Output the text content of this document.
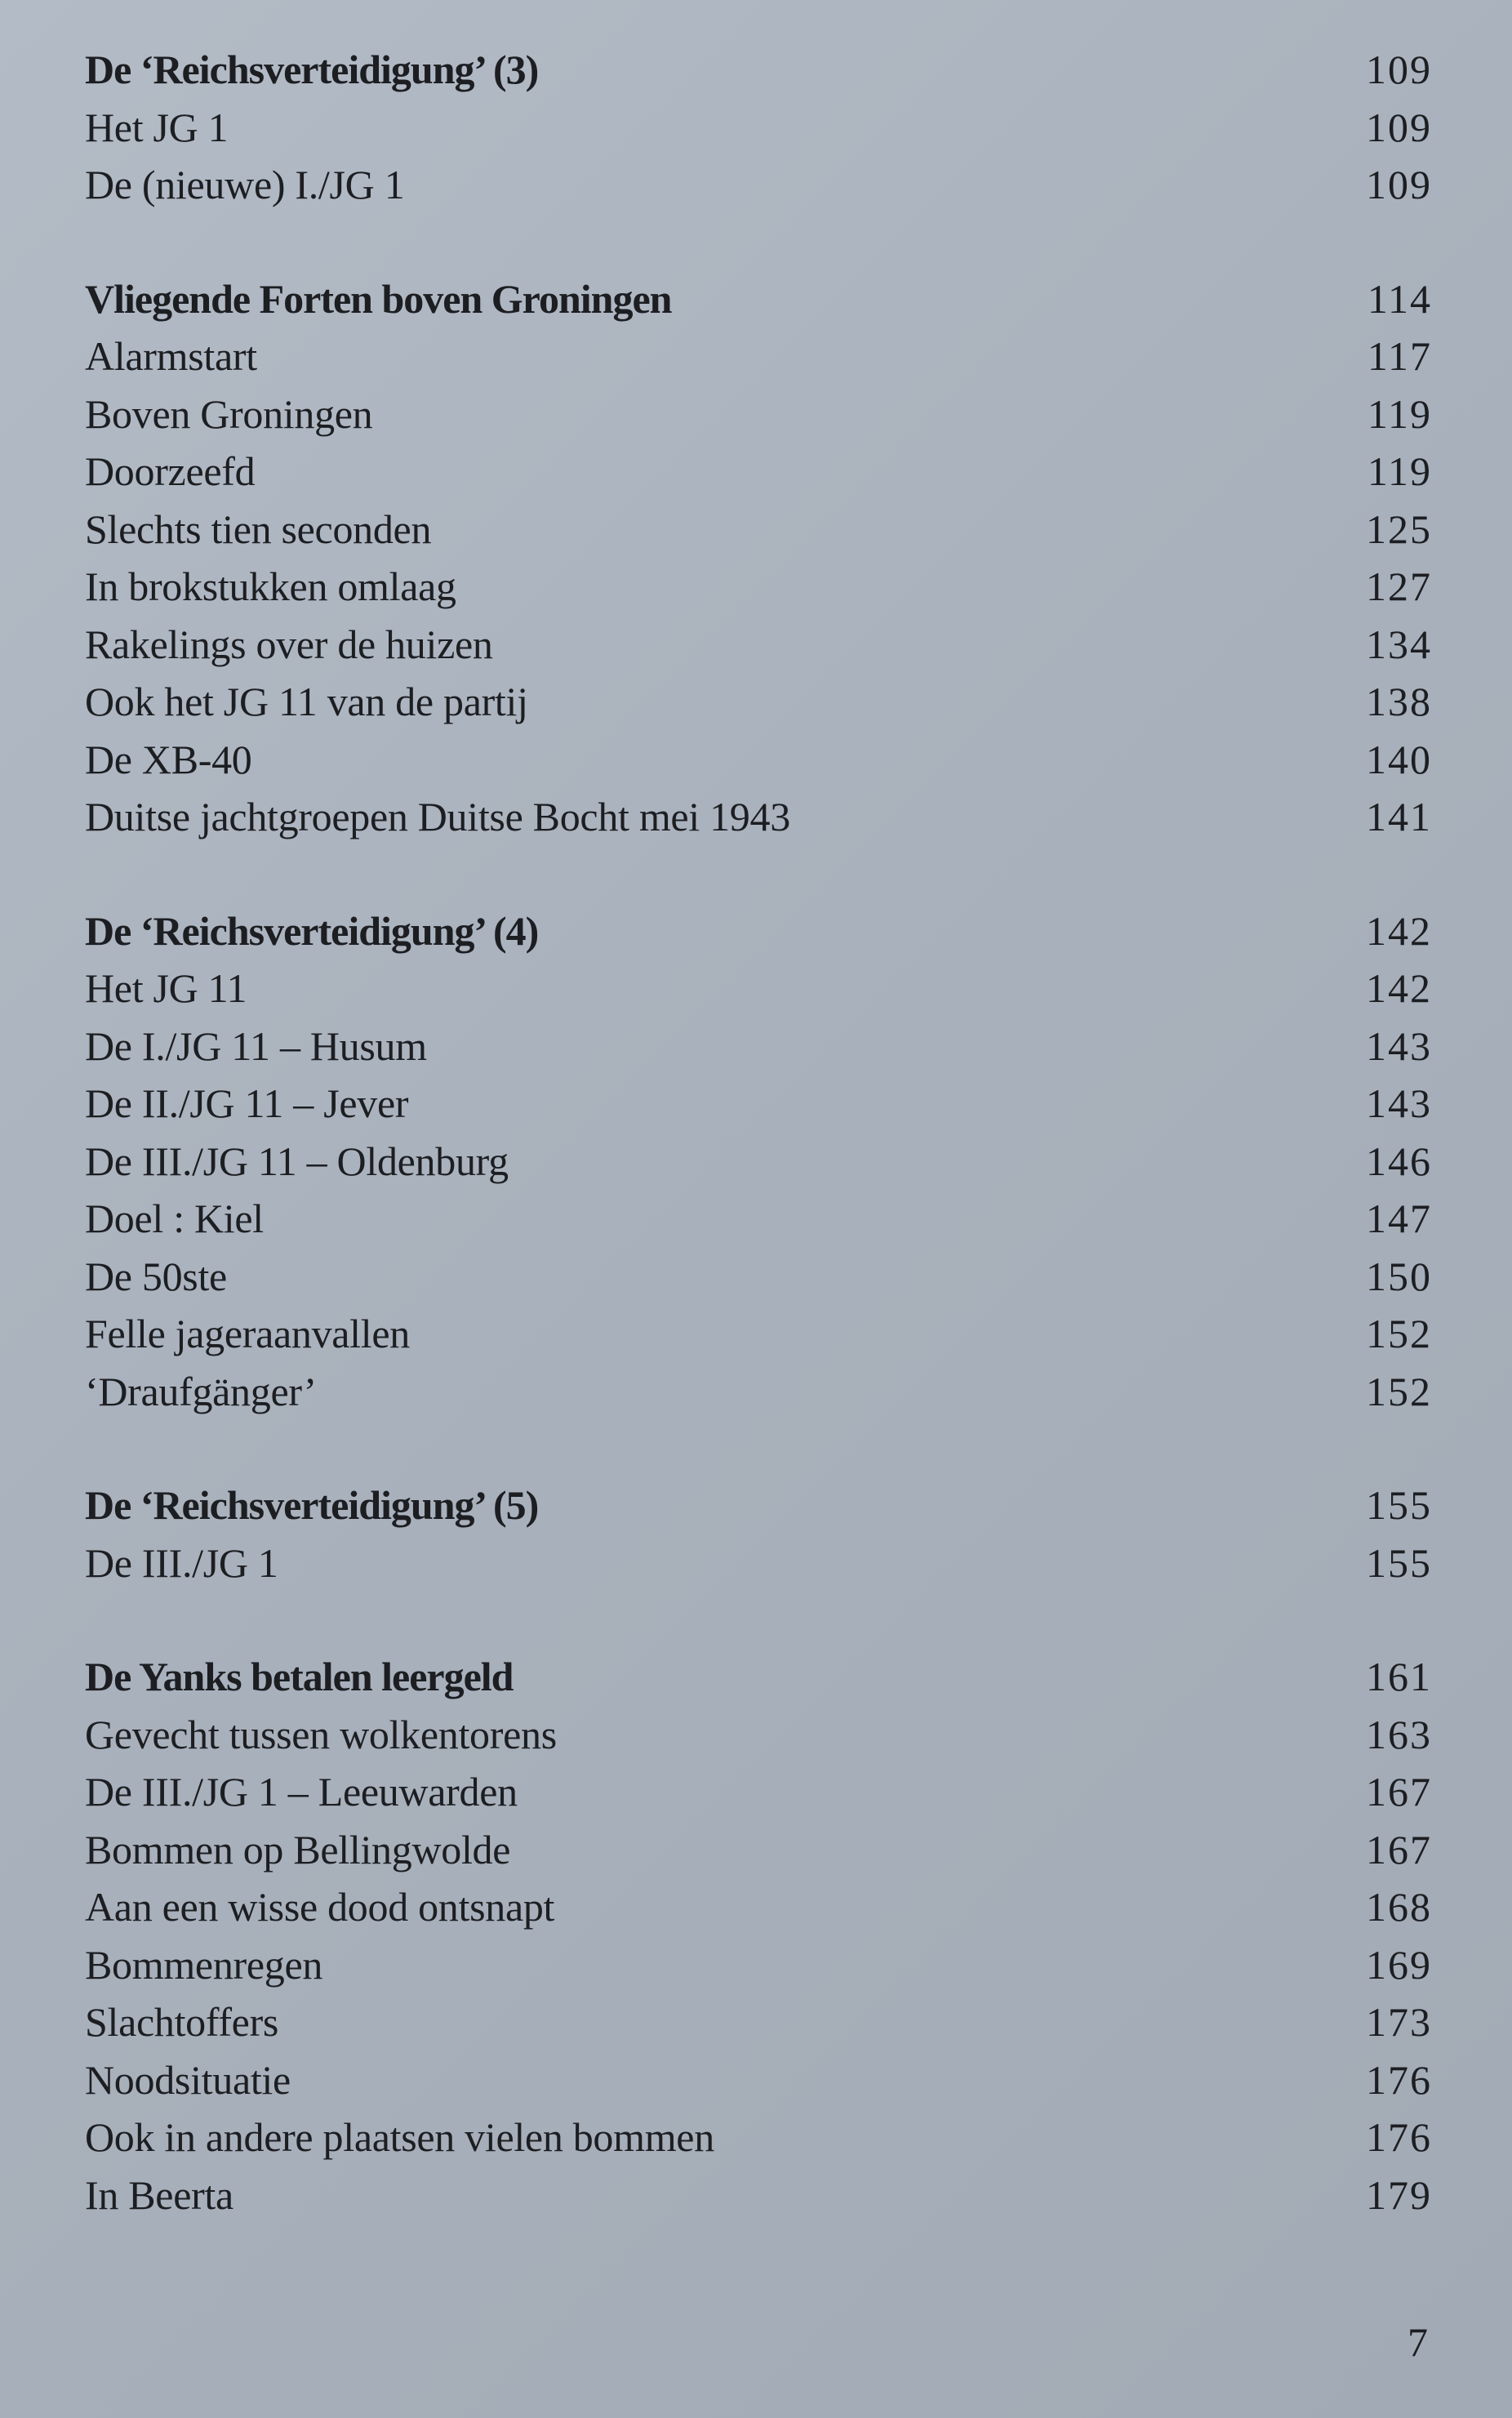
De ‘Reichsverteidigung’ (3)	109
Het JG 1	109
De (nieuwe) I./JG 1	109
Vliegende Forten boven Groningen	114
Alarmstart	117
Boven Groningen	119
Doorzeefd	119
Slechts tien seconden	125
In brokstukken omlaag	127
Rakelings over de huizen	134
Ook het JG 11 van de partij	138
De XB-40	140
Duitse jachtgroepen Duitse Bocht mei 1943	141
De ‘Reichsverteidigung’ (4)	142
Het JG 11	142
De I./JG 11 – Husum	143
De II./JG 11 – Jever	143
De III./JG 11 – Oldenburg	146
Doel : Kiel	147
De 50ste	150
Felle jageraanvallen	152
‘Draufgänger’	152
De ‘Reichsverteidigung’ (5)	155
De III./JG 1	155
De Yanks betalen leergeld	161
Gevecht tussen wolkentorens	163
De III./JG 1 – Leeuwarden	167
Bommen op Bellingwolde	167
Aan een wisse dood ontsnapt	168
Bommenregen	169
Slachtoffers	173
Noodsituatie	176
Ook in andere plaatsen vielen bommen	176
In Beerta	179
7
